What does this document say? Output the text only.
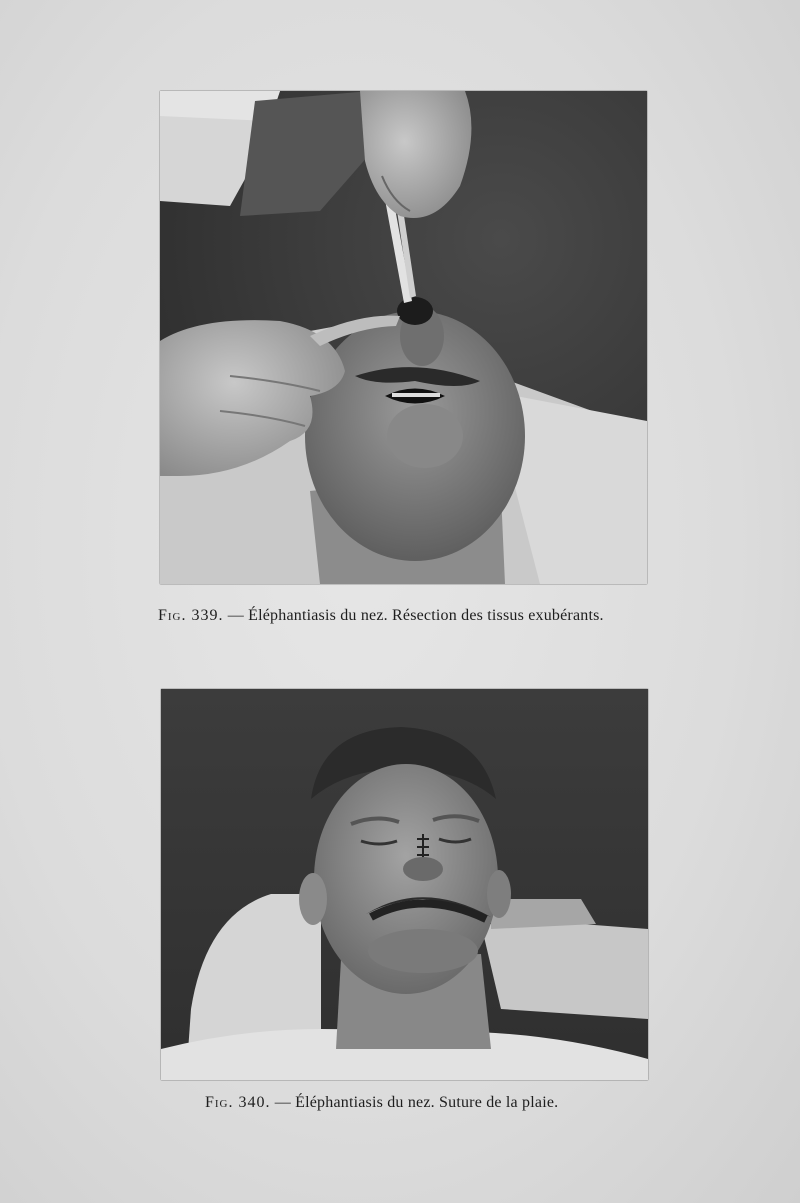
Fig. 339. — Éléphantiasis du nez. Résection des tissus exubérants.
Fig. 340. — Éléphantiasis du nez. Suture de la plaie.
